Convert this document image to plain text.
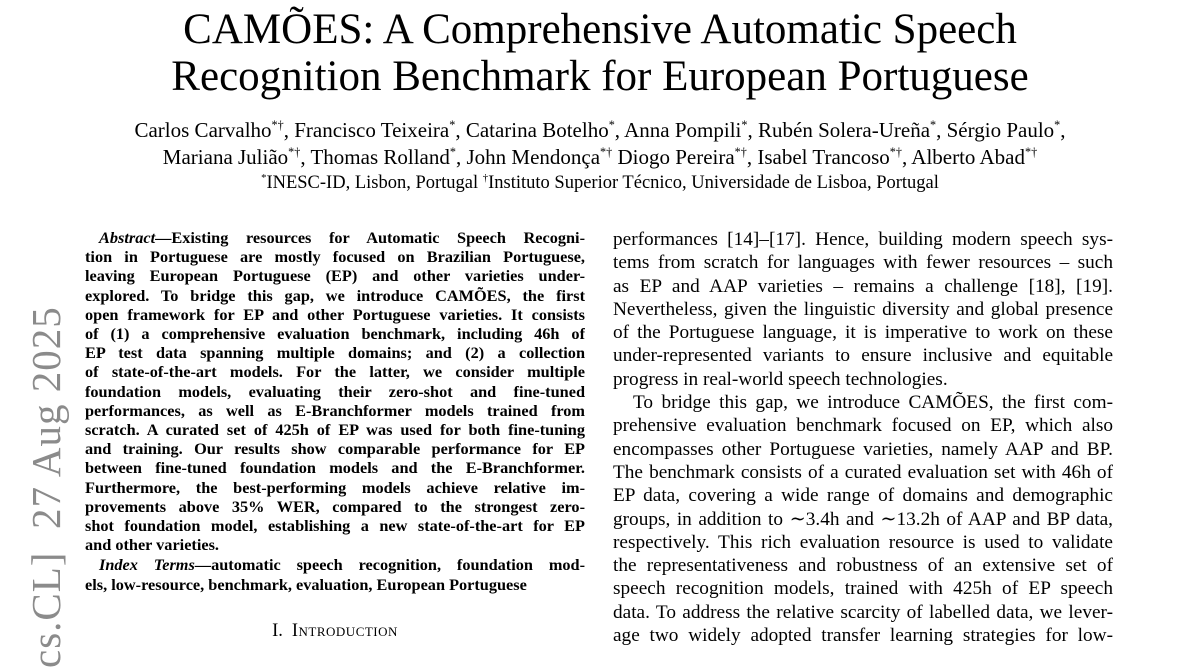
cs.CL]  27 Aug 2025
CAMÕES: A Comprehensive Automatic Speech
Recognition Benchmark for European Portuguese
Carlos Carvalho*†, Francisco Teixeira*, Catarina Botelho*, Anna Pompili*, Rubén Solera-Ureña*, Sérgio Paulo*,
Mariana Julião*†, Thomas Rolland*, John Mendonça*† Diogo Pereira*†, Isabel Trancoso*†, Alberto Abad*†
*INESC-ID, Lisbon, Portugal †Instituto Superior Técnico, Universidade de Lisboa, Portugal
Abstract—Existing resources for Automatic Speech Recogni-
tion in Portuguese are mostly focused on Brazilian Portuguese,
leaving European Portuguese (EP) and other varieties under-
explored. To bridge this gap, we introduce CAMÕES, the first
open framework for EP and other Portuguese varieties. It consists
of (1) a comprehensive evaluation benchmark, including 46h of
EP test data spanning multiple domains; and (2) a collection
of state-of-the-art models. For the latter, we consider multiple
foundation models, evaluating their zero-shot and fine-tuned
performances, as well as E-Branchformer models trained from
scratch. A curated set of 425h of EP was used for both fine-tuning
and training. Our results show comparable performance for EP
between fine-tuned foundation models and the E-Branchformer.
Furthermore, the best-performing models achieve relative im-
provements above 35% WER, compared to the strongest zero-
shot foundation model, establishing a new state-of-the-art for EP
and other varieties.
Index Terms—automatic speech recognition, foundation mod-
els, low-resource, benchmark, evaluation, European Portuguese
I. Introduction
performances [14]–[17]. Hence, building modern speech sys-
tems from scratch for languages with fewer resources – such
as EP and AAP varieties – remains a challenge [18], [19].
Nevertheless, given the linguistic diversity and global presence
of the Portuguese language, it is imperative to work on these
under-represented variants to ensure inclusive and equitable
progress in real-world speech technologies.
To bridge this gap, we introduce CAMÕES, the first com-
prehensive evaluation benchmark focused on EP, which also
encompasses other Portuguese varieties, namely AAP and BP.
The benchmark consists of a curated evaluation set with 46h of
EP data, covering a wide range of domains and demographic
groups, in addition to ∼3.4h and ∼13.2h of AAP and BP data,
respectively. This rich evaluation resource is used to validate
the representativeness and robustness of an extensive set of
speech recognition models, trained with 425h of EP speech
data. To address the relative scarcity of labelled data, we lever-
age two widely adopted transfer learning strategies for low-
